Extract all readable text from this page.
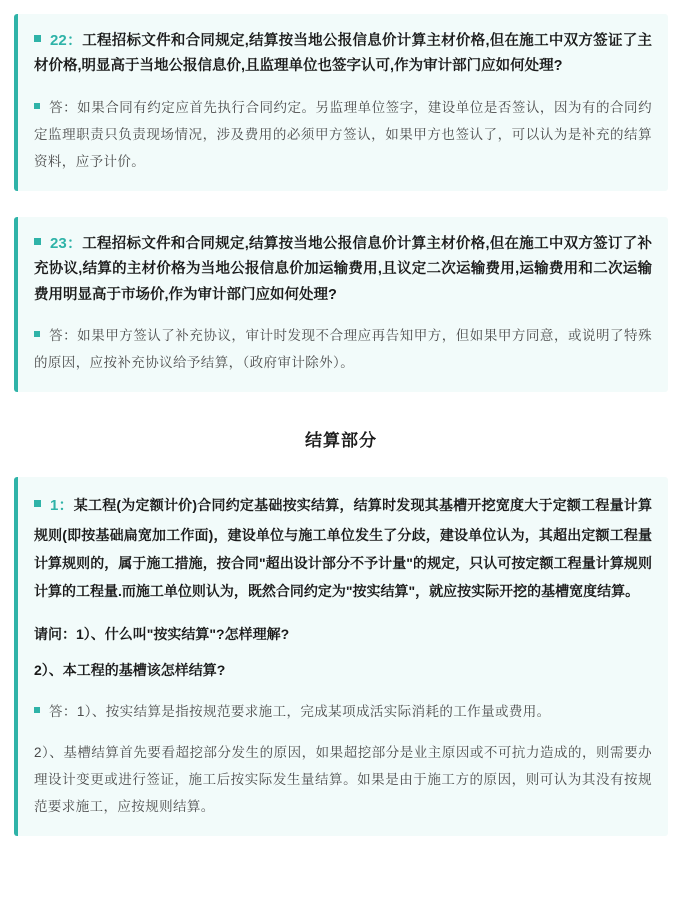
22：工程招标文件和合同规定,结算按当地公报信息价计算主材价格,但在施工中双方签证了主材价格,明显高于当地公报信息价,且监理单位也签字认可,作为审计部门应如何处理?
答：如果合同有约定应首先执行合同约定。另监理单位签字，建设单位是否签认，因为有的合同约定监理职责只负责现场情况，涉及费用的必须甲方签认，如果甲方也签认了，可以认为是补充的结算资料，应予计价。
23：工程招标文件和合同规定,结算按当地公报信息价计算主材价格,但在施工中双方签订了补充协议,结算的主材价格为当地公报信息价加运输费用,且议定二次运输费用,运输费用和二次运输费用明显高于市场价,作为审计部门应如何处理?
答：如果甲方签认了补充协议，审计时发现不合理应再告知甲方，但如果甲方同意，或说明了特殊的原因，应按补充协议给予结算，（政府审计除外）。
结算部分
1：某工程(为定额计价)合同约定基础按实结算，结算时发现其基槽开挖宽度大于定额工程量计算规则(即按基础扁宽加工作面)，建设单位与施工单位发生了分歧，建设单位认为，其超出定额工程量计算规则的，属于施工措施，按合同"超出设计部分不予计量"的规定，只认可按定额工程量计算规则计算的工程量.而施工单位则认为，既然合同约定为"按实结算"，就应按实际开挖的基槽宽度结算。
请问：1）、什么叫"按实结算"?怎样理解?
2）、本工程的基槽该怎样结算?
答：1）、按实结算是指按规范要求施工，完成某项成活实际消耗的工作量或费用。
2）、基槽结算首先要看超挖部分发生的原因，如果超挖部分是业主原因或不可抗力造成的，则需要办理设计变更或进行签证，施工后按实际发生量结算。如果是由于施工方的原因，则可认为其没有按规范要求施工，应按规则结算。
